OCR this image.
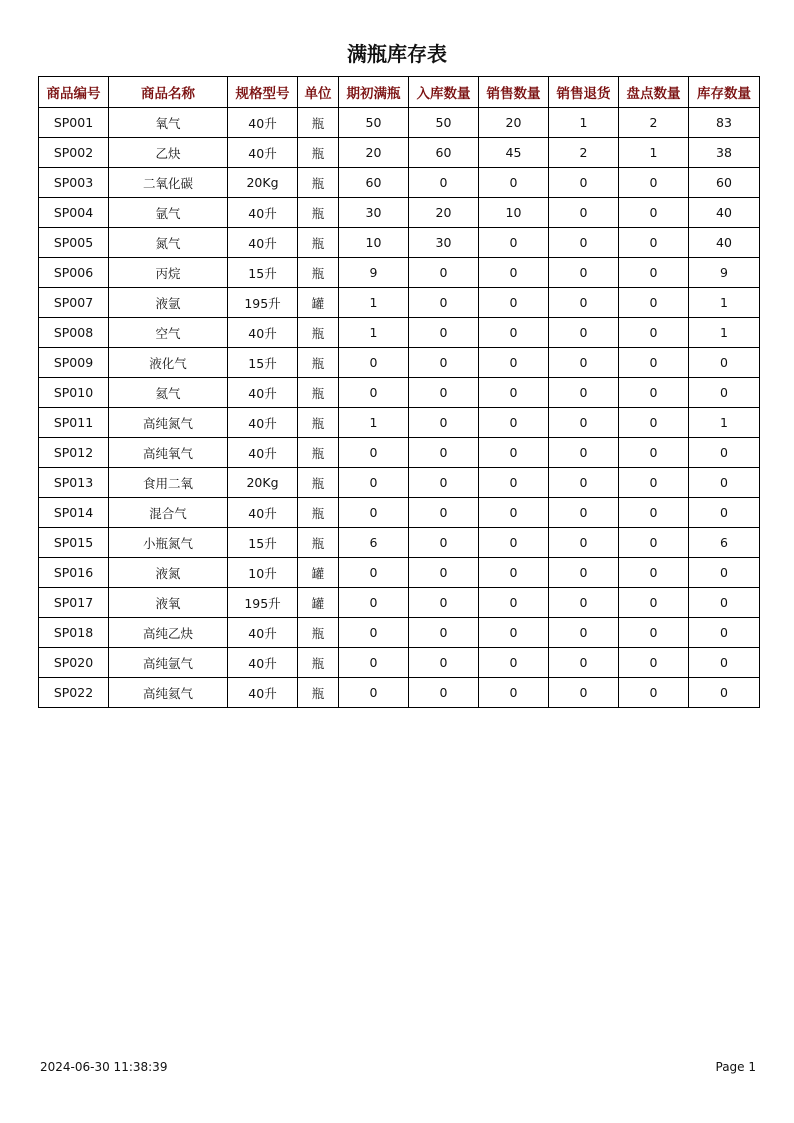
满瓶库存表
商品编号	商品名称	规格型号	单位	期初满瓶	入库数量	销售数量	销售退货	盘点数量	库存数量
SP001	氧气	40升	瓶	50	50	20	1	2	83
SP002	乙炔	40升	瓶	20	60	45	2	1	38
SP003	二氧化碳	20Kg	瓶	60	0	0	0	0	60
SP004	氩气	40升	瓶	30	20	10	0	0	40
SP005	氮气	40升	瓶	10	30	0	0	0	40
SP006	丙烷	15升	瓶	9	0	0	0	0	9
SP007	液氩	195升	罐	1	0	0	0	0	1
SP008	空气	40升	瓶	1	0	0	0	0	1
SP009	液化气	15升	瓶	0	0	0	0	0	0
SP010	氦气	40升	瓶	0	0	0	0	0	0
SP011	高纯氮气	40升	瓶	1	0	0	0	0	1
SP012	高纯氧气	40升	瓶	0	0	0	0	0	0
SP013	食用二氧	20Kg	瓶	0	0	0	0	0	0
SP014	混合气	40升	瓶	0	0	0	0	0	0
SP015	小瓶氮气	15升	瓶	6	0	0	0	0	6
SP016	液氮	10升	罐	0	0	0	0	0	0
SP017	液氧	195升	罐	0	0	0	0	0	0
SP018	高纯乙炔	40升	瓶	0	0	0	0	0	0
SP020	高纯氩气	40升	瓶	0	0	0	0	0	0
SP022	高纯氦气	40升	瓶	0	0	0	0	0	0
2024-06-30 11:38:39	Page 1
